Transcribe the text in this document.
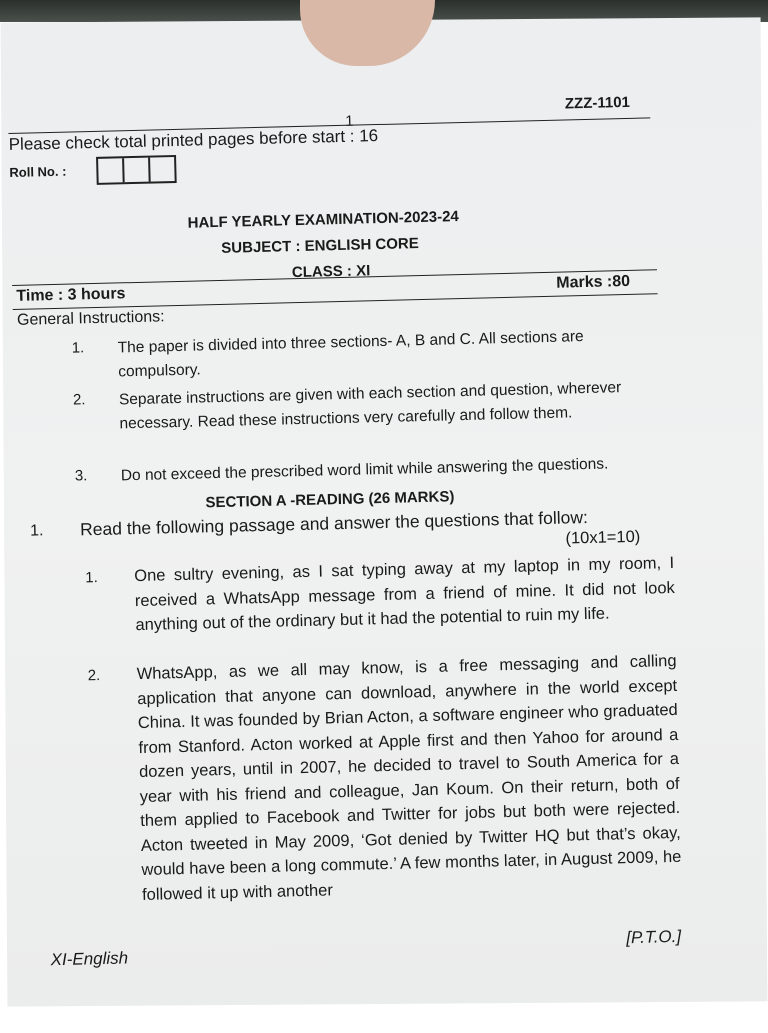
1
ZZZ-1101
Please check total printed pages before start : 16
Roll No. :
HALF YEARLY EXAMINATION-2023-24
SUBJECT : ENGLISH CORE
CLASS : XI
Time : 3 hours
Marks :80
General Instructions:
1. The paper is divided into three sections- A, B and C. All sections are compulsory.
2. Separate instructions are given with each section and question, wherever necessary. Read these instructions very carefully and follow them.
3. Do not exceed the prescribed word limit while answering the questions.
SECTION A -READING (26 MARKS)
1. Read the following passage and answer the questions that follow:
(10x1=10)
1. One sultry evening, as I sat typing away at my laptop in my room, I received a WhatsApp message from a friend of mine. It did not look anything out of the ordinary but it had the potential to ruin my life.
2. WhatsApp, as we all may know, is a free messaging and calling application that anyone can download, anywhere in the world except China. It was founded by Brian Acton, a software engineer who graduated from Stanford. Acton worked at Apple first and then Yahoo for around a dozen years, until in 2007, he decided to travel to South America for a year with his friend and colleague, Jan Koum. On their return, both of them applied to Facebook and Twitter for jobs but both were rejected. Acton tweeted in May 2009, ‘Got denied by Twitter HQ but that’s okay, would have been a long commute.’ A few months later, in August 2009, he followed it up with another
XI-English
[P.T.O.]
